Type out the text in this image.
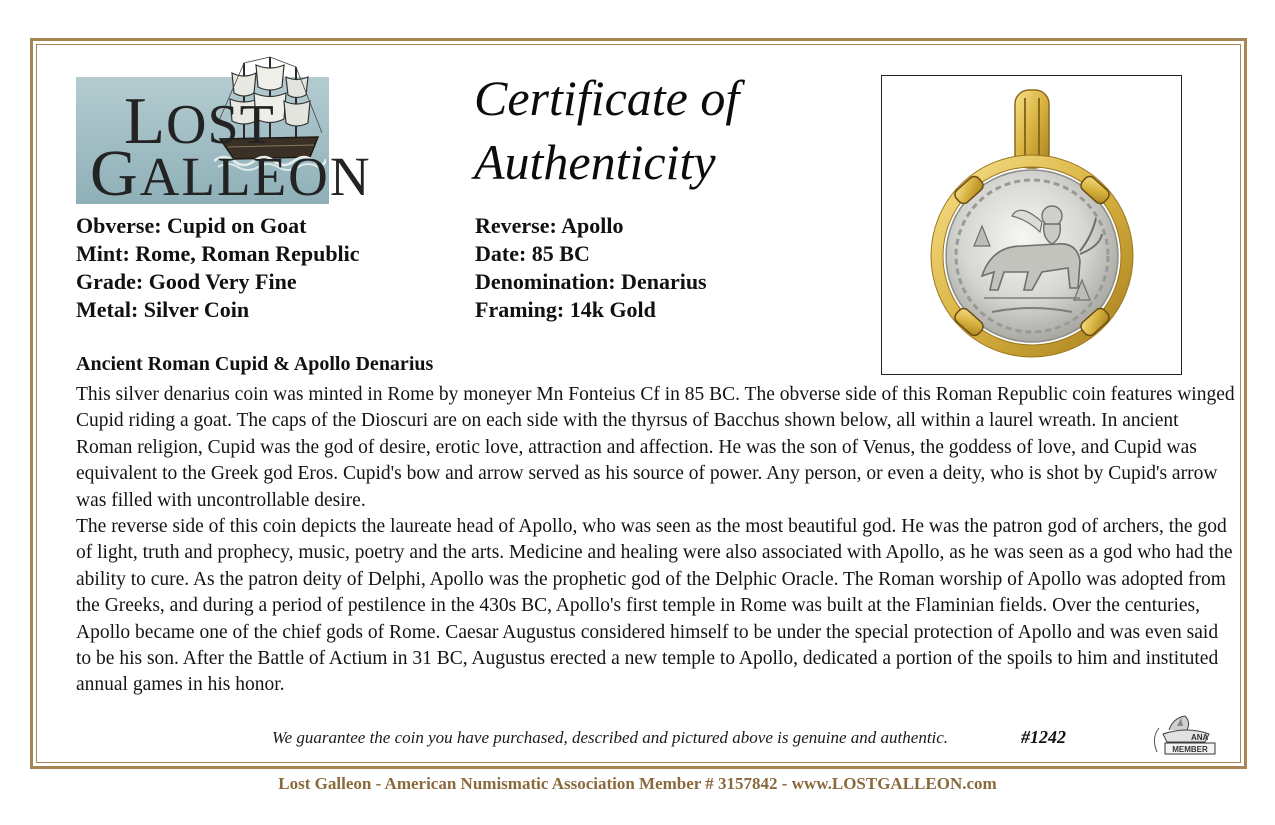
LOST
GALLEON
Certificate of
Authenticity
Obverse: Cupid on Goat
Mint: Rome, Roman Republic
Grade: Good Very Fine
Metal: Silver Coin
Reverse: Apollo
Date: 85 BC
Denomination: Denarius
Framing: 14k Gold
Ancient Roman Cupid & Apollo Denarius

This silver denarius coin was minted in Rome by moneyer Mn Fonteius Cf in 85 BC. The obverse side of this Roman Republic coin features winged Cupid riding a goat. The caps of the Dioscuri are on each side with the thyrsus of Bacchus shown below, all within a laurel wreath. In ancient Roman religion, Cupid was the god of desire, erotic love, attraction and affection. He was the son of Venus, the goddess of love, and Cupid was equivalent to the Greek god Eros. Cupid's bow and arrow served as his source of power. Any person, or even a deity, who is shot by Cupid's arrow was filled with uncontrollable desire.

The reverse side of this coin depicts the laureate head of Apollo, who was seen as the most beautiful god. He was the patron god of archers, the god of light, truth and prophecy, music, poetry and the arts. Medicine and healing were also associated with Apollo, as he was seen as a god who had the ability to cure. As the patron deity of Delphi, Apollo was the prophetic god of the Delphic Oracle. The Roman worship of Apollo was adopted from the Greeks, and during a period of pestilence in the 430s BC, Apollo's first temple in Rome was built at the Flaminian fields. Over the centuries, Apollo became one of the chief gods of Rome. Caesar Augustus considered himself to be under the special protection of Apollo and was even said to be his son. After the Battle of Actium in 31 BC, Augustus erected a new temple to Apollo, dedicated a portion of the spoils to him and instituted annual games in his honor.

We guarantee the coin you have purchased, described and pictured above is genuine and authentic.	#1242	ANA
MEMBER
Lost Galleon - American Numismatic Association Member # 3157842 - www.LOSTGALLEON.com
